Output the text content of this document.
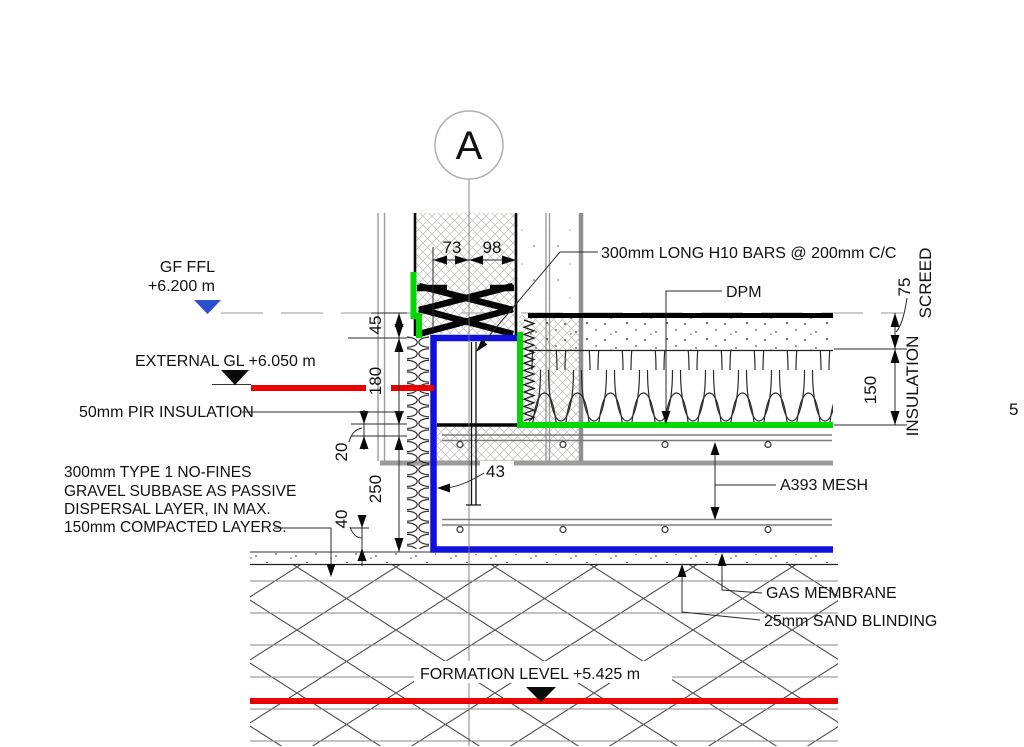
A
73 98
45
180
250
20
40
75 SCREED
150 INSULATION
43
GF FFL
+6.200 m
EXTERNAL GL +6.050 m
50mm PIR INSULATION
300mm TYPE 1 NO-FINES
GRAVEL SUBBASE AS PASSIVE
DISPERSAL LAYER, IN MAX.
150mm COMPACTED LAYERS.
300mm LONG H10 BARS @ 200mm C/C
DPM
A393 MESH
GAS MEMBRANE
25mm SAND BLINDING
FORMATION LEVEL +5.425 m
5
